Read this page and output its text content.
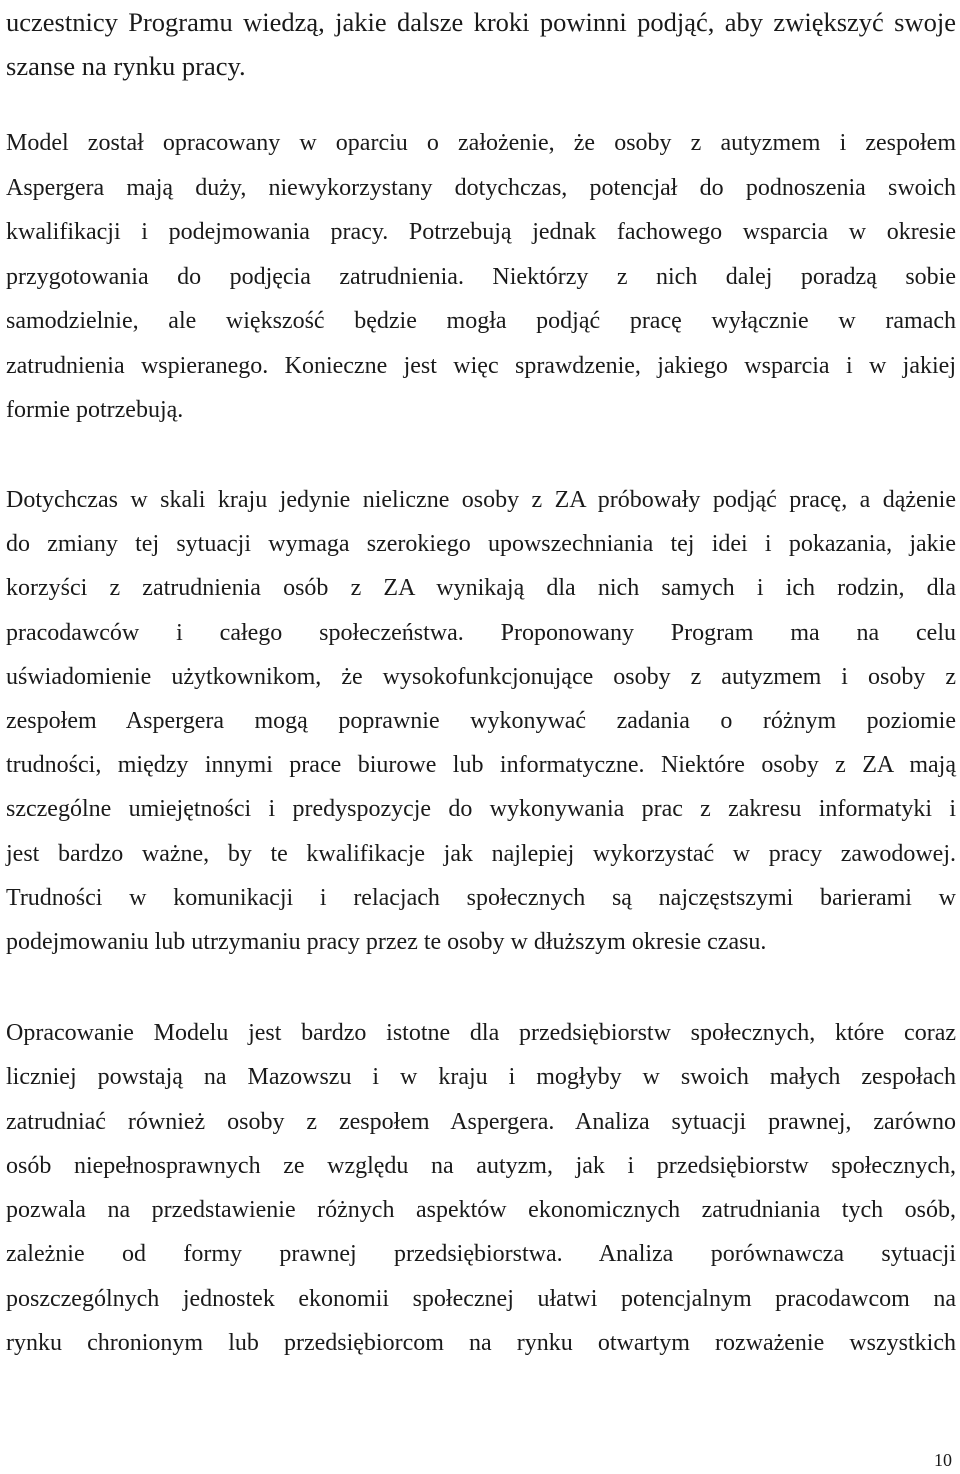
uczestnicy Programu wiedzą, jakie dalsze kroki powinni podjąć, aby zwiększyć swoje
szanse na rynku pracy.

Model został opracowany w oparciu o założenie, że osoby z autyzmem i zespołem
Aspergera mają duży, niewykorzystany dotychczas, potencjał do podnoszenia swoich
kwalifikacji i podejmowania pracy. Potrzebują jednak fachowego wsparcia w okresie
przygotowania do podjęcia zatrudnienia. Niektórzy z nich dalej poradzą sobie
samodzielnie, ale większość będzie mogła podjąć pracę wyłącznie w ramach
zatrudnienia wspieranego. Konieczne jest więc sprawdzenie, jakiego wsparcia i w jakiej
formie potrzebują.

Dotychczas w skali kraju jedynie nieliczne osoby z ZA próbowały podjąć pracę, a dążenie
do zmiany tej sytuacji wymaga szerokiego upowszechniania tej idei i pokazania, jakie
korzyści z zatrudnienia osób z ZA wynikają dla nich samych i ich rodzin, dla
pracodawców i całego społeczeństwa. Proponowany Program ma na celu
uświadomienie użytkownikom, że wysokofunkcjonujące osoby z autyzmem i osoby z
zespołem Aspergera mogą poprawnie wykonywać zadania o różnym poziomie
trudności, między innymi prace biurowe lub informatyczne. Niektóre osoby z ZA mają
szczególne umiejętności i predyspozycje do wykonywania prac z zakresu informatyki i
jest bardzo ważne, by te kwalifikacje jak najlepiej wykorzystać w pracy zawodowej.
Trudności w komunikacji i relacjach społecznych są najczęstszymi barierami w
podejmowaniu lub utrzymaniu pracy przez te osoby w dłuższym okresie czasu.

Opracowanie Modelu jest bardzo istotne dla przedsiębiorstw społecznych, które coraz
liczniej powstają na Mazowszu i w kraju i mogłyby w swoich małych zespołach
zatrudniać również osoby z zespołem Aspergera. Analiza sytuacji prawnej, zarówno
osób niepełnosprawnych ze względu na autyzm, jak i przedsiębiorstw społecznych,
pozwala na przedstawienie różnych aspektów ekonomicznych zatrudniania tych osób,
zależnie od formy prawnej przedsiębiorstwa. Analiza porównawcza sytuacji
poszczególnych jednostek ekonomii społecznej ułatwi potencjalnym pracodawcom na
rynku chronionym lub przedsiębiorcom na rynku otwartym rozważenie wszystkich

10
